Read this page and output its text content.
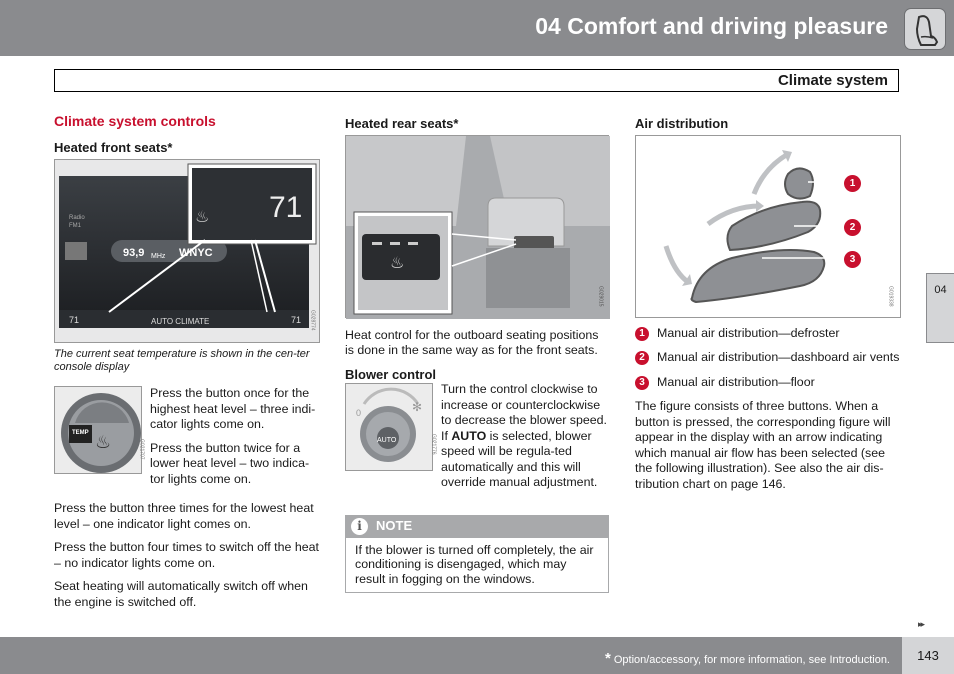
04 Comfort and driving pleasure
Climate system
04
Climate system controls
Heated front seats*
Radio
FM1
93,9 MHz WNYC
71	AUTO CLIMATE	71
♨ 71
G028774
The current seat temperature is shown in the cen-ter console display
TEMP ♨	G021707

Press the button once for the highest heat level – three indi-cator lights come on.

Press the button twice for a lower heat level – two indica-tor lights come on.

Press the button three times for the lowest heat level – one indicator light comes on.

Press the button four times to switch off the heat – no indicator lights come on.

Seat heating will automatically switch off when the engine is switched off.

Heated rear seats*
♨
G029015

Heat control for the outboard seating positions is done in the same way as for the front seats.

Blower control
0	✻
AUTO	G021776

Turn the control clockwise to increase or counterclockwise to decrease the blower speed. If AUTO is selected, blower speed will be regula-ted automatically and this will override manual adjustment.

i	NOTE
If the blower is turned off completely, the air conditioning is disengaged, which may result in fogging on the windows.
Air distribution
1
2
3
G019338
1 Manual air distribution—defroster
2 Manual air distribution—dashboard air vents
3 Manual air distribution—floor

The figure consists of three buttons. When a button is pressed, the corresponding figure will appear in the display with an arrow indicating which manual air flow has been selected (see the following illustration). See also the air dis-tribution chart on page 146.

▸▸
* Option/accessory, for more information, see Introduction.	143
